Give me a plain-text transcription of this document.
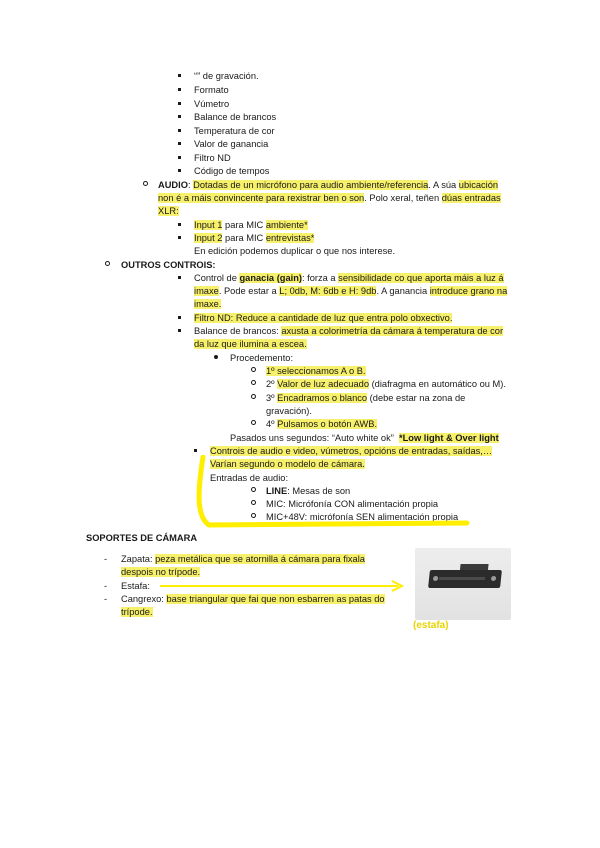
“” de gravación.
Formato
Vúmetro
Balance de brancos
Temperatura de cor
Valor de ganancia
Filtro ND
Código de tempos
AUDIO: Dotadas de un micrófono para audio ambiente/referencia. A súa ubicación
non é a máis convincente para rexistrar ben o son. Polo xeral, teñen dúas entradas
XLR:
Input 1 para MIC ambiente*
Input 2 para MIC entrevistas*
En edición podemos duplicar o que nos interese.
OUTROS CONTROIS:
Control de ganacia (gain): forza a sensibilidade co que aporta máis a luz á
imaxe. Pode estar a L; 0db, M: 6db e H: 9db. A ganancia introduce grano na
imaxe.
Filtro ND: Reduce a cantidade de luz que entra polo obxectivo.
Balance de brancos: axusta a colorimetría da cámara á temperatura de cor
da luz que ilumina a escea.
Procedemento:
1º seleccionamos A o B.
2º Valor de luz adecuado (diafragma en automático ou M).
3º Encadramos o blanco (debe estar na zona de
gravación).
4º Pulsamos o botón AWB.
Pasados uns segundos: “Auto white ok” *Low light & Over light
Controis de audio e video, vúmetros, opcións de entradas, saídas,…
Varían segundo o modelo de cámara.
Entradas de audio:
LINE: Mesas de son
MIC: Micrófonía CON alimentación propia
MIC+48V: micrófonía SEN alimentación propia
SOPORTES DE CÁMARA
- Zapata: peza metálica que se atornilla á cámara para fixala
despois no trípode.
- Estafa:
- Cangrexo: base triangular que fai que non esbarren as patas do
trípode.
(estafa)
